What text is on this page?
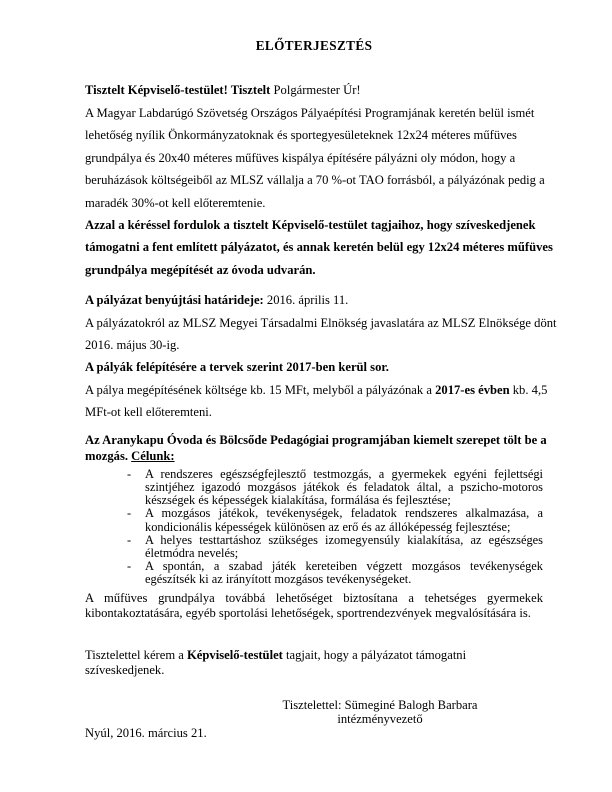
ELŐTERJESZTÉS
Tisztelt Képviselő-testület! Tisztelt Polgármester Úr!
A Magyar Labdarúgó Szövetség Országos Pályaépítési Programjának keretén belül ismét
lehetőség nyílik Önkormányzatoknak és sportegyesületeknek 12x24 méteres műfüves
grundpálya és 20x40 méteres műfüves kispálya építésére pályázni oly módon, hogy a
beruházások költségeiből az MLSZ vállalja a 70 %-ot TAO forrásból, a pályázónak pedig a
maradék 30%-ot kell előteremtenie.
Azzal a kéréssel fordulok a tisztelt Képviselő-testület tagjaihoz, hogy szíveskedjenek
támogatni a fent említett pályázatot, és annak keretén belül egy 12x24 méteres műfüves
grundpálya megépítését az óvoda udvarán.
A pályázat benyújtási határideje: 2016. április 11.
A pályázatokról az MLSZ Megyei Társadalmi Elnökség javaslatára az MLSZ Elnöksége dönt
2016. május 30-ig.
A pályák felépítésére a tervek szerint 2017-ben kerül sor.
A pálya megépítésének költsége kb. 15 MFt, melyből a pályázónak a 2017-es évben kb. 4,5
MFt-ot kell előteremteni.
Az Aranykapu Óvoda és Bölcsőde Pedagógiai programjában kiemelt szerepet tölt be a
mozgás. Célunk:
-	A rendszeres egészségfejlesztő testmozgás, a gyermekek egyéni fejlettségi szintjéhez igazodó mozgásos játékok és feladatok által, a pszicho-motoros készségek és képességek kialakítása, formálása és fejlesztése;
-	A mozgásos játékok, tevékenységek, feladatok rendszeres alkalmazása, a kondicionális képességek különösen az erő és az állóképesség fejlesztése;
-	A helyes testtartáshoz szükséges izomegyensúly kialakítása, az egészséges életmódra nevelés;
-	A spontán, a szabad játék kereteiben végzett mozgásos tevékenységek egészítsék ki az irányított mozgásos tevékenységeket.
A műfüves grundpálya továbbá lehetőséget biztosítana a tehetséges gyermekek kibontakoztatására, egyéb sportolási lehetőségek, sportrendezvények megvalósítására is.
Tisztelettel kérem a Képviselő-testület tagjait, hogy a pályázatot támogatni szíveskedjenek.
Tisztelettel: Sümeginé Balogh Barbara
intézményvezető
Nyúl, 2016. március 21.
